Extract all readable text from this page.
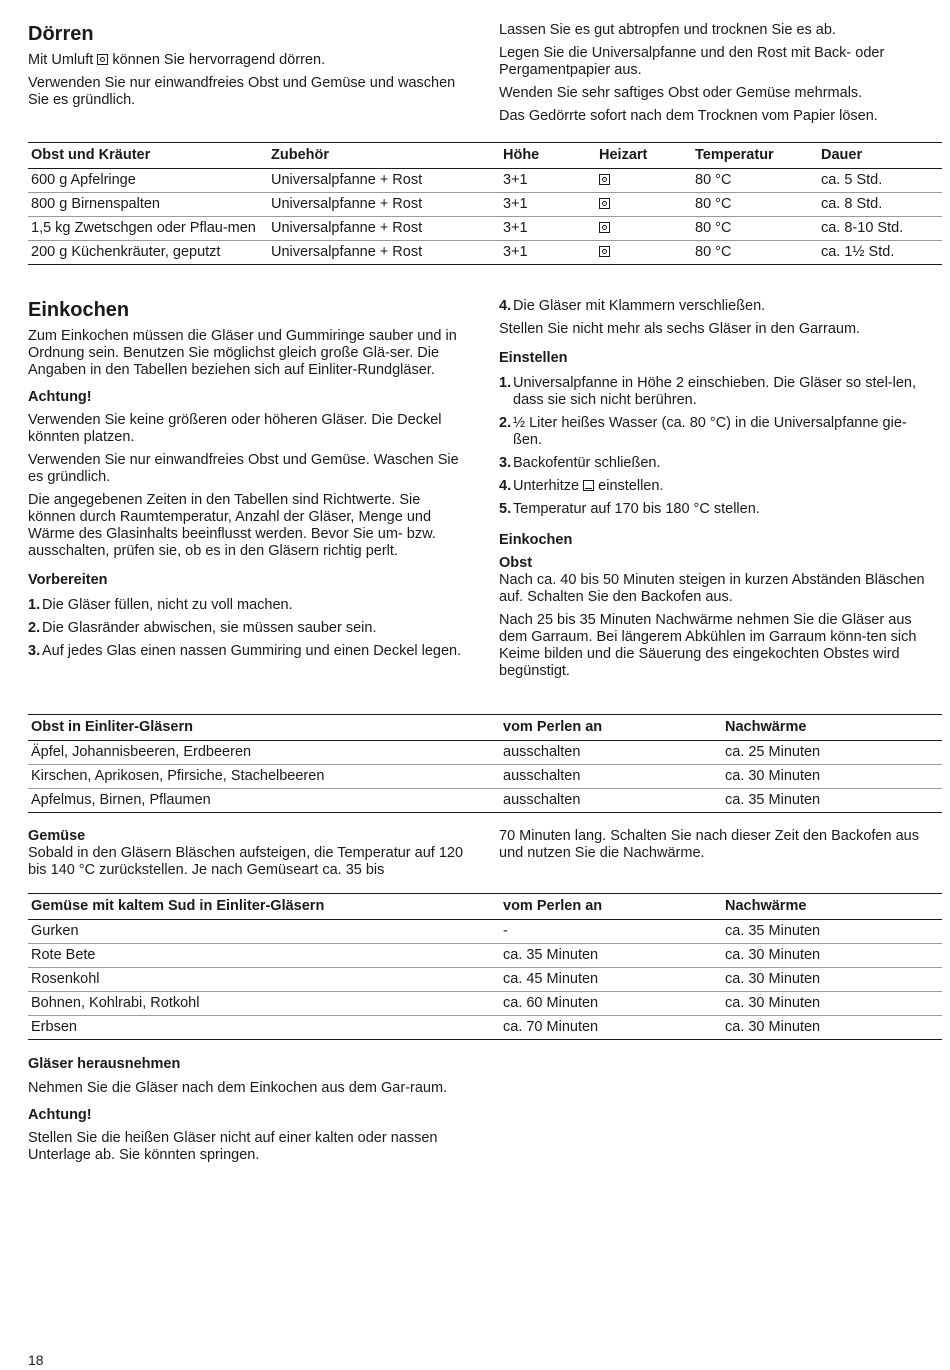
Dörren

Mit Umluft können Sie hervorragend dörren.

Verwenden Sie nur einwandfreies Obst und Gemüse und waschen Sie es gründlich.

Lassen Sie es gut abtropfen und trocknen Sie es ab.

Legen Sie die Universalpfanne und den Rost mit Back- oder Pergamentpapier aus.

Wenden Sie sehr saftiges Obst oder Gemüse mehrmals.

Das Gedörrte sofort nach dem Trocknen vom Papier lösen.

Obst und Kräuter	Zubehör	Höhe	Heizart	Temperatur	Dauer
600 g Apfelringe	Universalpfanne + Rost	3+1		80 °C	ca. 5 Std.
800 g Birnenspalten	Universalpfanne + Rost	3+1		80 °C	ca. 8 Std.
1,5 kg Zwetschgen oder Pflau-men	Universalpfanne + Rost	3+1		80 °C	ca. 8-10 Std.
200 g Küchenkräuter, geputzt	Universalpfanne + Rost	3+1		80 °C	ca. 1½ Std.
Einkochen

Zum Einkochen müssen die Gläser und Gummiringe sauber und in Ordnung sein. Benutzen Sie möglichst gleich große Glä-ser. Die Angaben in den Tabellen beziehen sich auf Einliter-Rundgläser.

Achtung!

Verwenden Sie keine größeren oder höheren Gläser. Die Deckel könnten platzen.

Verwenden Sie nur einwandfreies Obst und Gemüse. Waschen Sie es gründlich.

Die angegebenen Zeiten in den Tabellen sind Richtwerte. Sie können durch Raumtemperatur, Anzahl der Gläser, Menge und Wärme des Glasinhalts beeinflusst werden. Bevor Sie um- bzw. ausschalten, prüfen sie, ob es in den Gläsern richtig perlt.

Vorbereiten
1. Die Gläser füllen, nicht zu voll machen.
2. Die Glasränder abwischen, sie müssen sauber sein.
3. Auf jedes Glas einen nassen Gummiring und einen Deckel legen.
4. Die Gläser mit Klammern verschließen.

Stellen Sie nicht mehr als sechs Gläser in den Garraum.

Einstellen
1. Universalpfanne in Höhe 2 einschieben. Die Gläser so stel-len, dass sie sich nicht berühren.
2. ½ Liter heißes Wasser (ca. 80 °C) in die Universalpfanne gie-ßen.
3. Backofentür schließen.
4. Unterhitze einstellen.
5. Temperatur auf 170 bis 180 °C stellen.
Einkochen
Obst

Nach ca. 40 bis 50 Minuten steigen in kurzen Abständen Bläschen auf. Schalten Sie den Backofen aus.

Nach 25 bis 35 Minuten Nachwärme nehmen Sie die Gläser aus dem Garraum. Bei längerem Abkühlen im Garraum könn-ten sich Keime bilden und die Säuerung des eingekochten Obstes wird begünstigt.

Obst in Einliter-Gläsern	vom Perlen an	Nachwärme
Äpfel, Johannisbeeren, Erdbeeren	ausschalten	ca. 25 Minuten
Kirschen, Aprikosen, Pfirsiche, Stachelbeeren	ausschalten	ca. 30 Minuten
Apfelmus, Birnen, Pflaumen	ausschalten	ca. 35 Minuten
Gemüse

Sobald in den Gläsern Bläschen aufsteigen, die Temperatur auf 120 bis 140 °C zurückstellen. Je nach Gemüseart ca. 35 bis

70 Minuten lang. Schalten Sie nach dieser Zeit den Backofen aus und nutzen Sie die Nachwärme.

Gemüse mit kaltem Sud in Einliter-Gläsern	vom Perlen an	Nachwärme
Gurken	-	ca. 35 Minuten
Rote Bete	ca. 35 Minuten	ca. 30 Minuten
Rosenkohl	ca. 45 Minuten	ca. 30 Minuten
Bohnen, Kohlrabi, Rotkohl	ca. 60 Minuten	ca. 30 Minuten
Erbsen	ca. 70 Minuten	ca. 30 Minuten
Gläser herausnehmen

Nehmen Sie die Gläser nach dem Einkochen aus dem Gar-raum.

Achtung!

Stellen Sie die heißen Gläser nicht auf einer kalten oder nassen Unterlage ab. Sie könnten springen.

18
